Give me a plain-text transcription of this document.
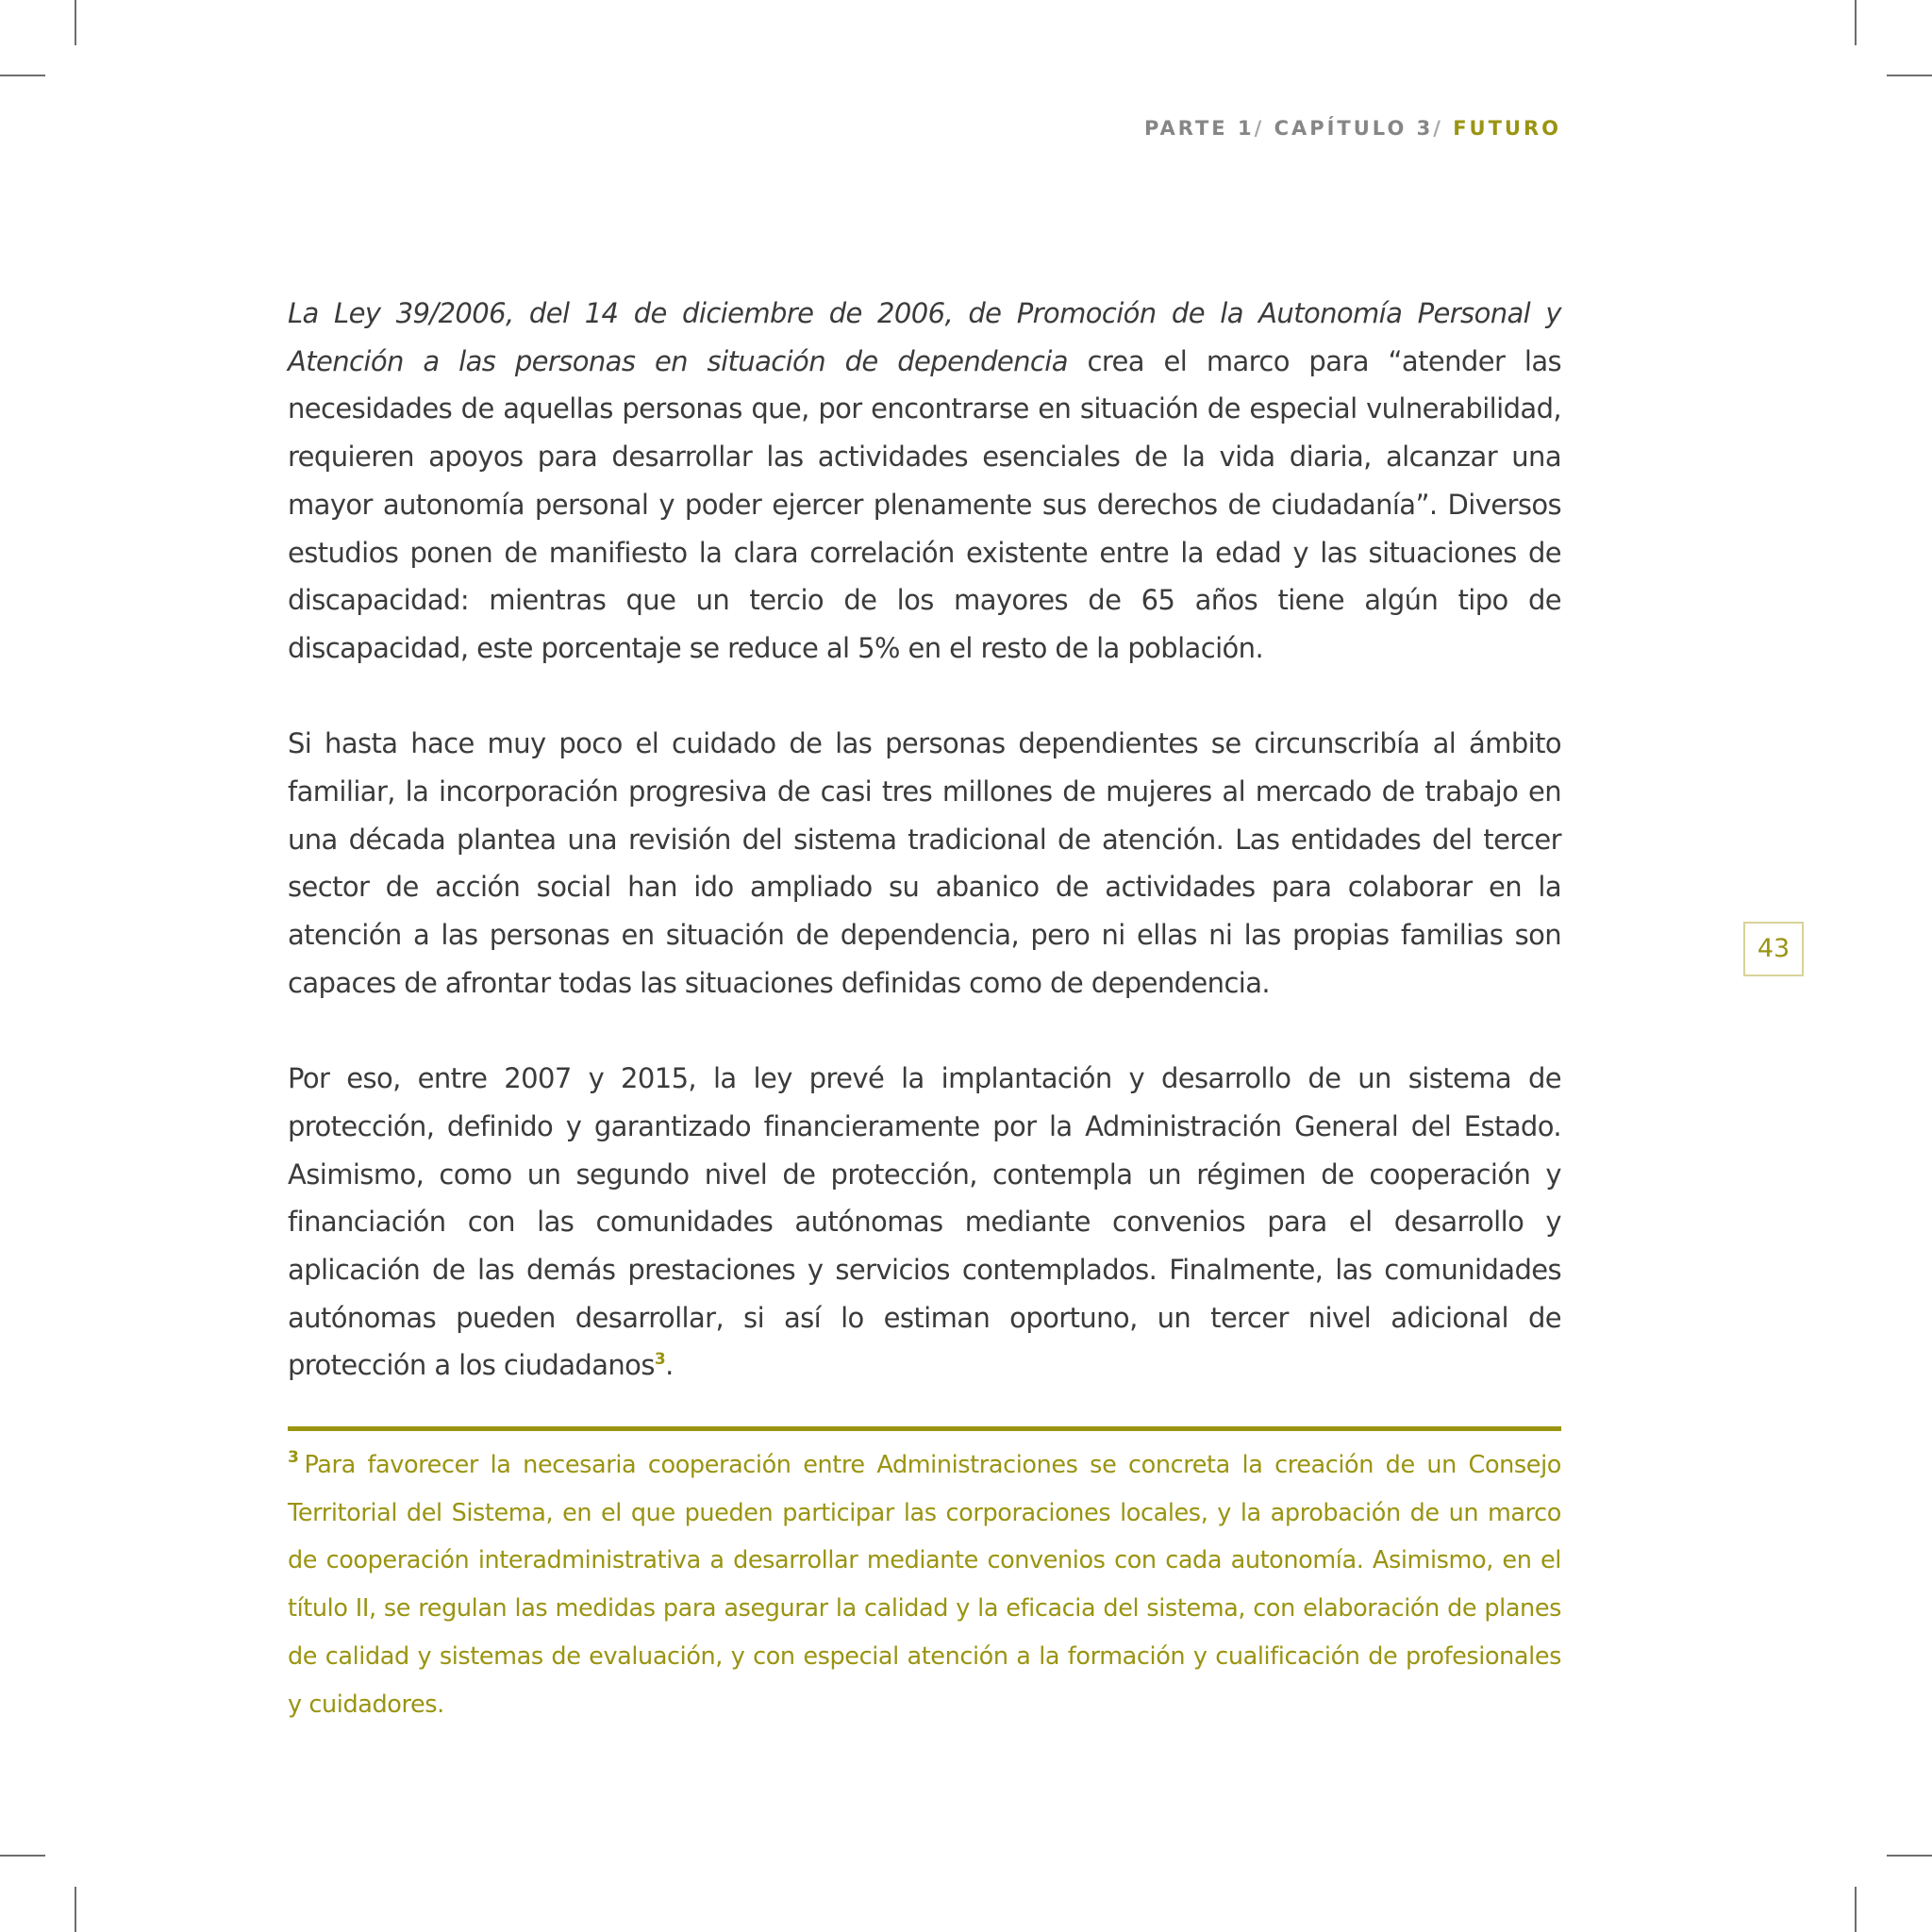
PARTE 1/ CAPÍTULO 3/ FUTURO

La Ley 39/2006, del 14 de diciembre de 2006, de Promoción de la Autonomía Personal y Atención a las personas en situación de dependencia crea el marco para “atender las necesidades de aquellas personas que, por encontrarse en situación de especial vulnerabilidad, requieren apoyos para desarrollar las actividades esenciales de la vida diaria, alcanzar una mayor autonomía personal y poder ejercer plenamente sus derechos de ciudadanía”. Diversos estudios ponen de manifiesto la clara correlación existente entre la edad y las situaciones de discapacidad: mientras que un tercio de los mayores de 65 años tiene algún tipo de discapacidad, este porcentaje se reduce al 5% en el resto de la población.

Si hasta hace muy poco el cuidado de las personas dependientes se circunscribía al ámbito familiar, la incorporación progresiva de casi tres millones de mujeres al mercado de trabajo en una década plantea una revisión del sistema tradicional de atención. Las entidades del tercer sector de acción social han ido ampliado su abanico de actividades para colaborar en la atención a las personas en situación de dependencia, pero ni ellas ni las propias familias son capaces de afrontar todas las situaciones definidas como de dependencia.

Por eso, entre 2007 y 2015, la ley prevé la implantación y desarrollo de un sistema de protección, definido y garantizado financieramente por la Administración General del Estado. Asimismo, como un segundo nivel de protección, contempla un régimen de cooperación y financiación con las comunidades autónomas mediante convenios para el desarrollo y aplicación de las demás prestaciones y servicios contemplados. Finalmente, las comunidades autónomas pueden desarrollar, si así lo estiman oportuno, un tercer nivel adicional de protección a los ciudadanos$^3$.

43

$^3$ Para favorecer la necesaria cooperación entre Administraciones se concreta la creación de un Consejo Territorial del Sistema, en el que pueden participar las corporaciones locales, y la aprobación de un marco de cooperación interadministrativa a desarrollar mediante convenios con cada autonomía. Asimismo, en el título II, se regulan las medidas para asegurar la calidad y la eficacia del sistema, con elaboración de planes de calidad y sistemas de evaluación, y con especial atención a la formación y cualificación de profesionales y cuidadores.
